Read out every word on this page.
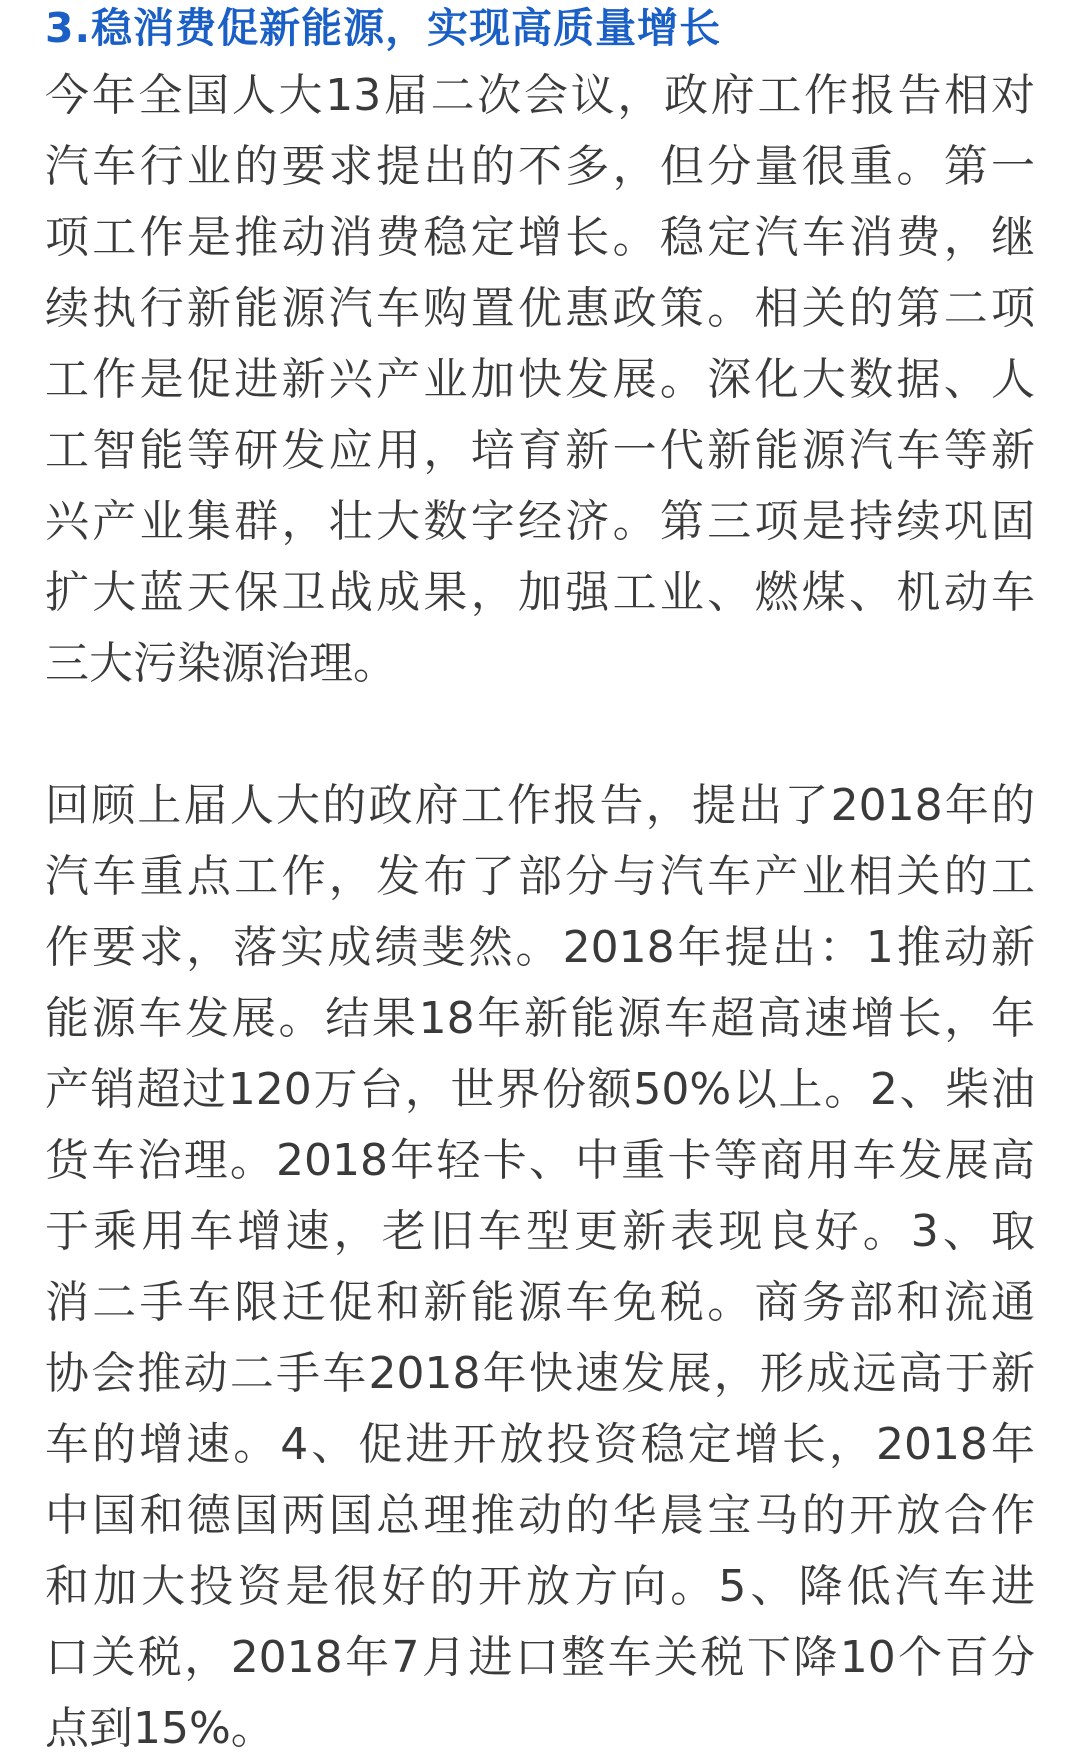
3.稳消费促新能源，实现高质量增长
今年全国人大13届二次会议，政府工作报告相对
汽车行业的要求提出的不多，但分量很重。第一
项工作是推动消费稳定增长。稳定汽车消费，继
续执行新能源汽车购置优惠政策。相关的第二项
工作是促进新兴产业加快发展。深化大数据、人
工智能等研发应用，培育新一代新能源汽车等新
兴产业集群，壮大数字经济。第三项是持续巩固
扩大蓝天保卫战成果，加强工业、燃煤、机动车
三大污染源治理。
回顾上届人大的政府工作报告，提出了2018年的
汽车重点工作，发布了部分与汽车产业相关的工
作要求，落实成绩斐然。2018年提出：1推动新
能源车发展。结果18年新能源车超高速增长，年
产销超过120万台，世界份额50%以上。2、柴油
货车治理。2018年轻卡、中重卡等商用车发展高
于乘用车增速，老旧车型更新表现良好。3、取
消二手车限迁促和新能源车免税。商务部和流通
协会推动二手车2018年快速发展，形成远高于新
车的增速。4、促进开放投资稳定增长，2018年
中国和德国两国总理推动的华晨宝马的开放合作
和加大投资是很好的开放方向。5、降低汽车进
口关税，2018年7月进口整车关税下降10个百分
点到15%。
